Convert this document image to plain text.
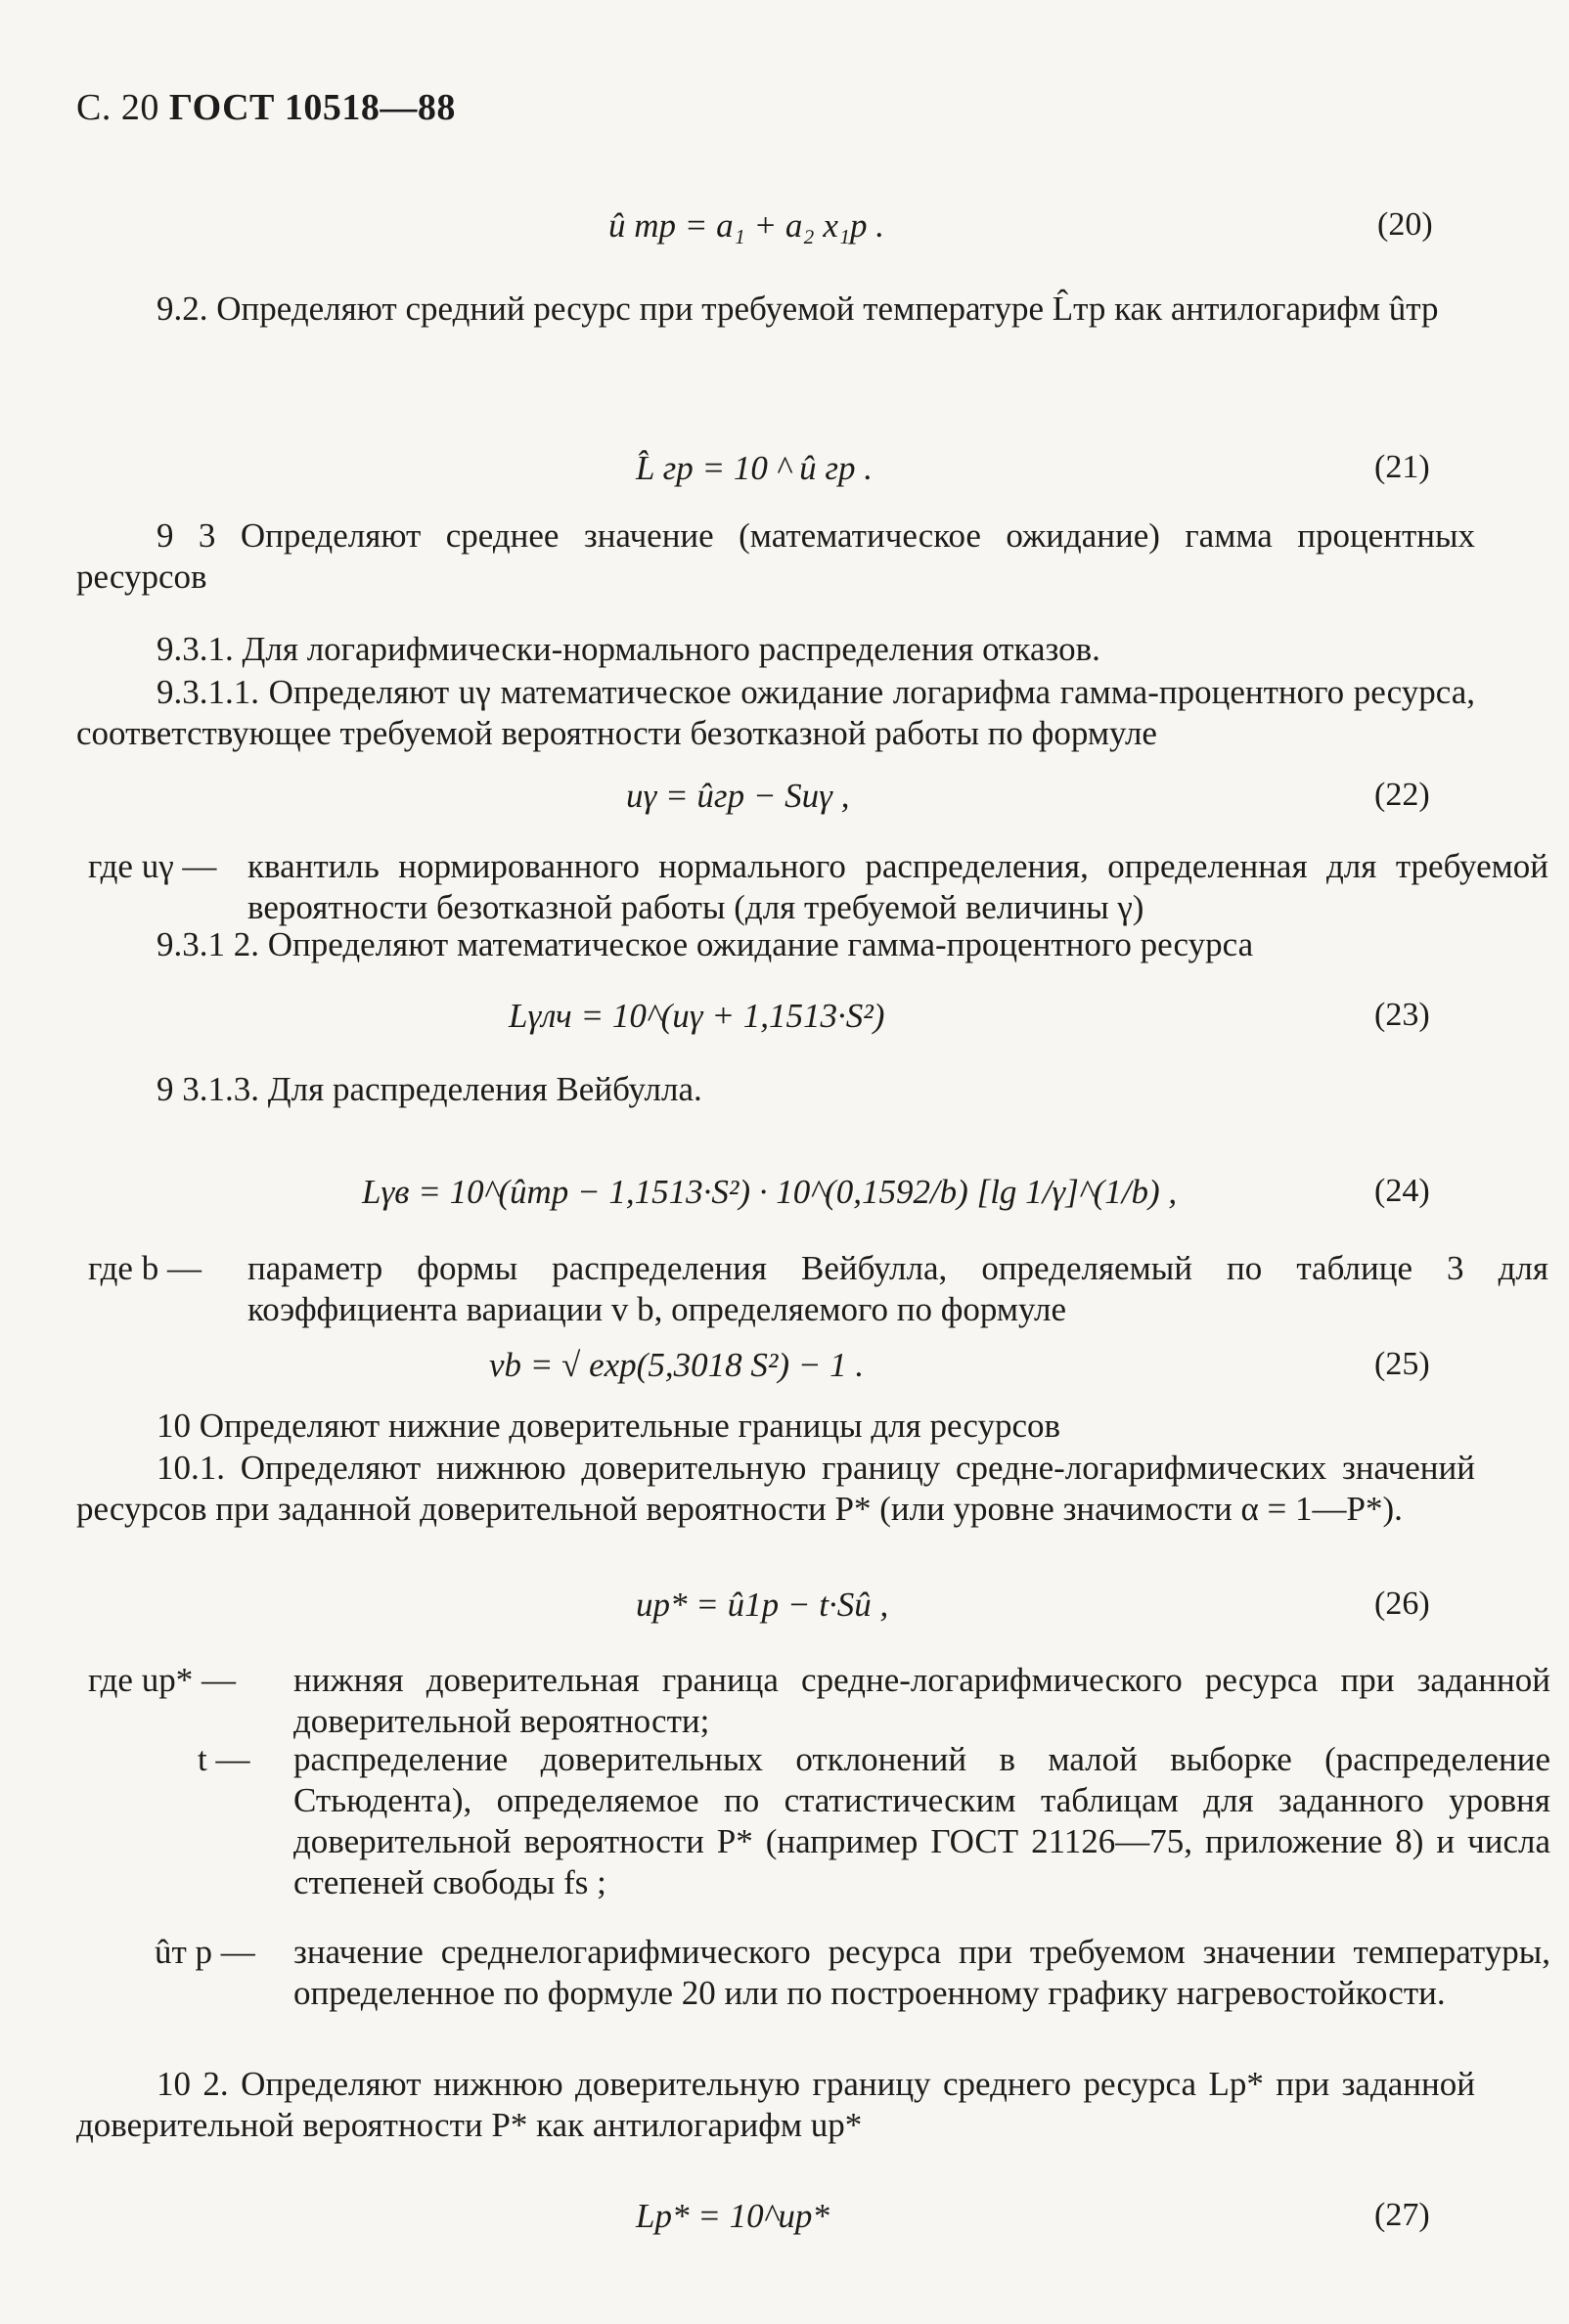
С. 20 ГОСТ 10518—88
û тр = a₁ + a₂ x₁р .	(20)
9.2. Определяют средний ресурс при требуемой температуре L̂тр как антилогарифм ûтр
L̂ гр = 10 ^ û гр .	(21)
9 3 Определяют среднее значение (математическое ожидание) гамма процентных ресурсов
9.3.1. Для логарифмически-нормального распределения отказов.
9.3.1.1. Определяют uγ математическое ожидание логарифма гамма-процентного ресурса, соответствующее требуемой вероятности безотказной работы по формуле
uγ = ûгр − Suγ ,	(22)
где uγ — квантиль нормированного нормального распределения, определенная для требуемой вероятности безотказной работы (для требуемой величины γ)
9.3.1 2. Определяют математическое ожидание гамма-процентного ресурса
Lγлч = 10^(uγ + 1,1513·S²)	(23)
9 3.1.3. Для распределения Вейбулла.
Lγв = 10^(ûтр − 1,1513·S²) · 10^(0,1592/b) [lg 1/γ]^(1/b) ,	(24)
где b — параметр формы распределения Вейбулла, определяемый по таблице 3 для коэффициента вариации v b, определяемого по формуле
vb = √ exp(5,3018 S²) − 1 .	(25)
10 Определяют нижние доверительные границы для ресурсов
10.1. Определяют нижнюю доверительную границу средне-логарифмических значений ресурсов при заданной доверительной вероятности P* (или уровне значимости α = 1—P*).
up* = û1р − t·Sû ,	(26)
где up* — нижняя доверительная граница средне-логарифмического ресурса при заданной доверительной вероятности;
t — распределение доверительных отклонений в малой выборке (распределение Стьюдента), определяемое по статистическим таблицам для заданного уровня доверительной вероятности P* (например ГОСТ 21126—75, приложение 8) и числа степеней свободы fs ;
ûт р — значение среднелогарифмического ресурса при требуемом значении температуры, определенное по формуле 20 или по построенному графику нагревостойкости.
10 2. Определяют нижнюю доверительную границу среднего ресурса Lp* при заданной доверительной вероятности P* как антилогарифм up*
Lp* = 10^up*	(27)
